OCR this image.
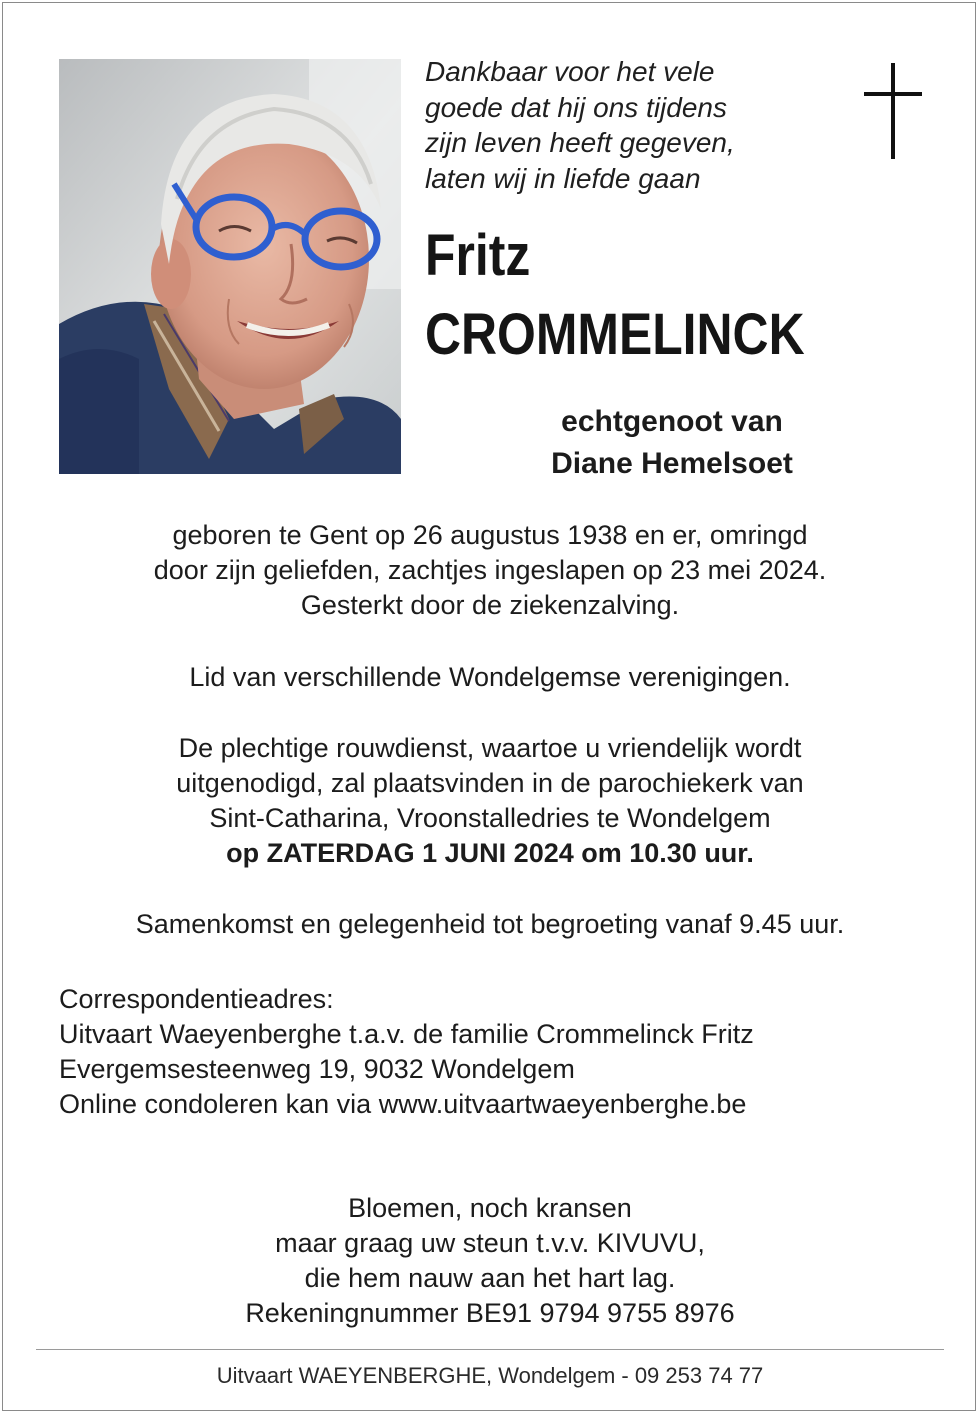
Dankbaar voor het vele
goede dat hij ons tijdens
zijn leven heeft gegeven,
laten wij in liefde gaan
Fritz
CROMMELINCK
echtgenoot van
Diane Hemelsoet
geboren te Gent op 26 augustus 1938 en er, omringd
door zijn geliefden, zachtjes ingeslapen op 23 mei 2024.
Gesterkt door de ziekenzalving.
Lid van verschillende Wondelgemse verenigingen.
De plechtige rouwdienst, waartoe u vriendelijk wordt
uitgenodigd, zal plaatsvinden in de parochiekerk van
Sint-Catharina, Vroonstalledries te Wondelgem
op ZATERDAG 1 JUNI 2024 om 10.30 uur.
Samenkomst en gelegenheid tot begroeting vanaf 9.45 uur.
Correspondentieadres:
Uitvaart Waeyenberghe t.a.v. de familie Crommelinck Fritz
Evergemsesteenweg 19, 9032 Wondelgem
Online condoleren kan via www.uitvaartwaeyenberghe.be
Bloemen, noch kransen
maar graag uw steun t.v.v. KIVUVU,
die hem nauw aan het hart lag.
Rekeningnummer BE91 9794 9755 8976
Uitvaart WAEYENBERGHE, Wondelgem - 09 253 74 77
